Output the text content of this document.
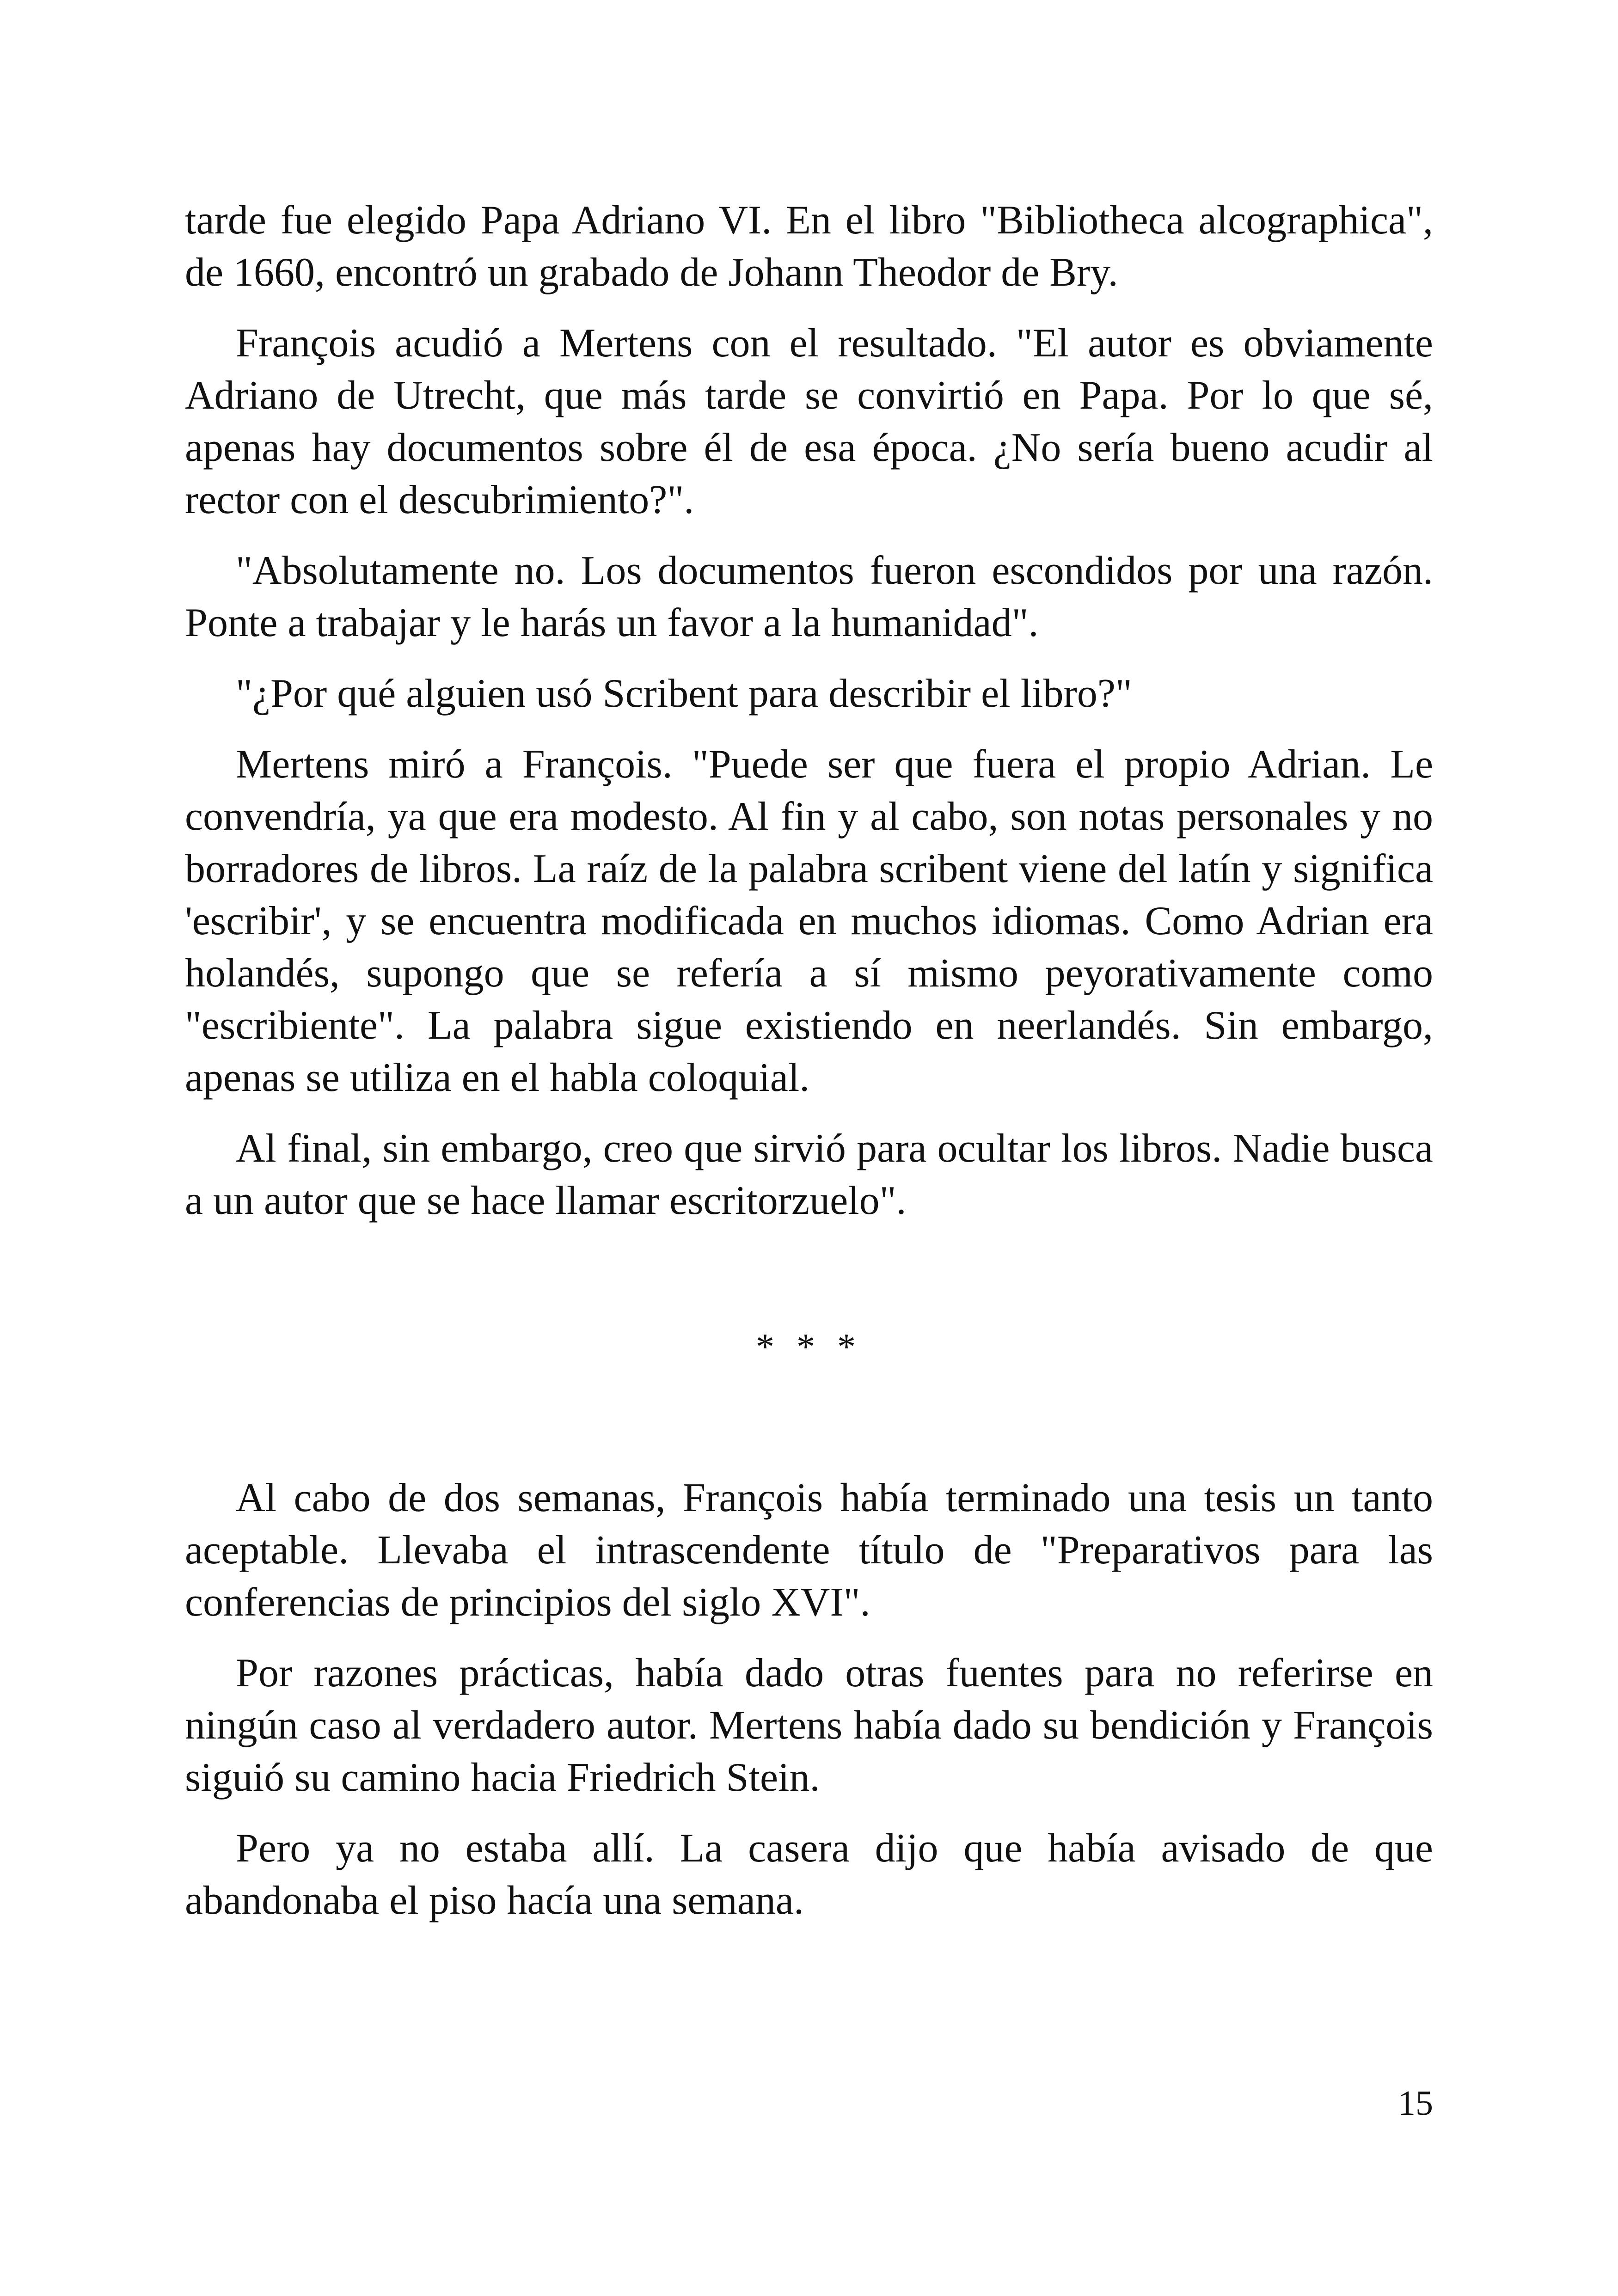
tarde fue elegido Papa Adriano VI. En el libro "Bibliotheca alcographica", de 1660, encontró un grabado de Johann Theodor de Bry.

François acudió a Mertens con el resultado. "El autor es obviamente Adriano de Utrecht, que más tarde se convirtió en Papa. Por lo que sé, apenas hay documentos sobre él de esa época. ¿No sería bueno acudir al rector con el descubrimiento?".

"Absolutamente no. Los documentos fueron escondidos por una razón. Ponte a trabajar y le harás un favor a la humanidad".

"¿Por qué alguien usó Scribent para describir el libro?"

Mertens miró a François. "Puede ser que fuera el propio Adrian. Le convendría, ya que era modesto. Al fin y al cabo, son notas personales y no borradores de libros. La raíz de la palabra scribent viene del latín y significa 'escribir', y se encuentra modificada en muchos idiomas. Como Adrian era holandés, supongo que se refería a sí mismo peyorativamente como "escribiente". La palabra sigue existiendo en neerlandés. Sin embargo, apenas se utiliza en el habla coloquial.

Al final, sin embargo, creo que sirvió para ocultar los libros. Nadie busca a un autor que se hace llamar escritorzuelo".

* * *

Al cabo de dos semanas, François había terminado una tesis un tanto aceptable. Llevaba el intrascendente título de "Preparativos para las conferencias de principios del siglo XVI".

Por razones prácticas, había dado otras fuentes para no referirse en ningún caso al verdadero autor. Mertens había dado su bendición y François siguió su camino hacia Friedrich Stein.

Pero ya no estaba allí. La casera dijo que había avisado de que abandonaba el piso hacía una semana.

15
